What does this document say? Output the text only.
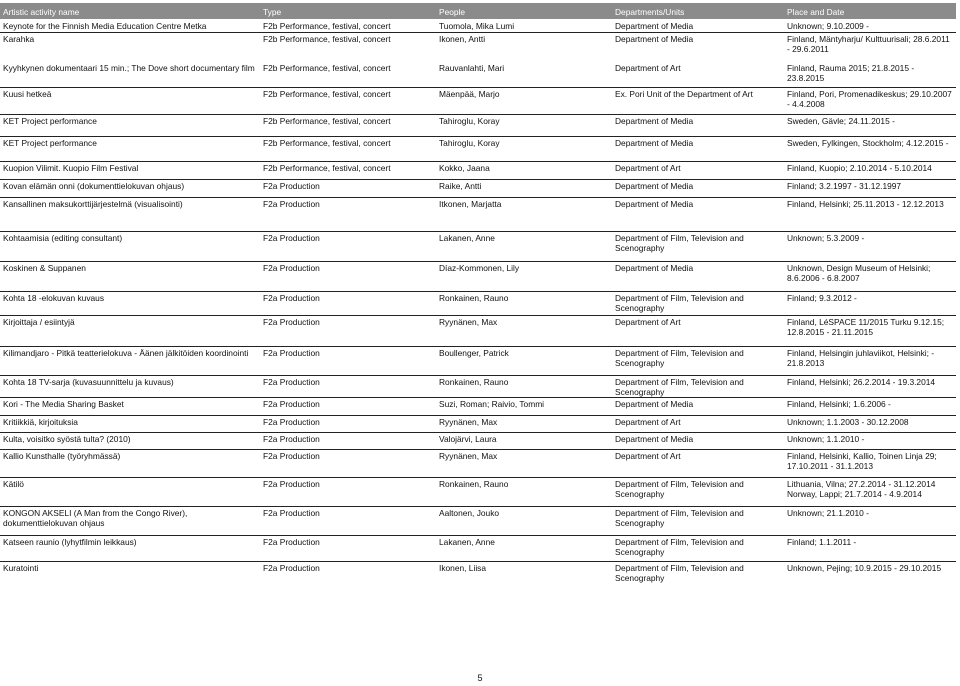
Artistic activity name	Type	People	Departments/Units	Place and Date
Keynote for the Finnish Media Education Centre Metka	F2b Performance, festival, concert	Tuomola, Mika Lumi	Department of Media	Unknown; 9.10.2009 -
Karahka	F2b Performance, festival, concert	Ikonen, Antti	Department of Media	Finland, Mäntyharju/ Kulttuurisali; 28.6.2011 - 29.6.2011
Kyyhkynen dokumentaari 15 min.; The Dove short documentary film	F2b Performance, festival, concert	Rauvanlahti, Mari	Department of Art	Finland, Rauma 2015; 21.8.2015 - 23.8.2015
Kuusi hetkeä	F2b Performance, festival, concert	Mäenpää, Marjo	Ex. Pori Unit of the Department of Art	Finland, Pori, Promenadikeskus; 29.10.2007 - 4.4.2008
KET Project performance	F2b Performance, festival, concert	Tahiroglu, Koray	Department of Media	Sweden, Gävle; 24.11.2015 -
KET Project performance	F2b Performance, festival, concert	Tahiroglu, Koray	Department of Media	Sweden, Fylkingen, Stockholm; 4.12.2015 -
Kuopion Vilimit. Kuopio Film Festival	F2b Performance, festival, concert	Kokko, Jaana	Department of Art	Finland, Kuopio; 2.10.2014 - 5.10.2014
Kovan elämän onni (dokumenttielokuvan ohjaus)	F2a Production	Raike, Antti	Department of Media	Finland; 3.2.1997 - 31.12.1997
Kansallinen maksukorttijärjestelmä (visualisointi)	F2a Production	Itkonen, Marjatta	Department of Media	Finland, Helsinki; 25.11.2013 - 12.12.2013
Kohtaamisia (editing consultant)	F2a Production	Lakanen, Anne	Department of Film, Television and Scenography	Unknown; 5.3.2009 -
Koskinen & Suppanen	F2a Production	Díaz-Kommonen, Lily	Department of Media	Unknown, Design Museum of Helsinki; 8.6.2006 - 6.8.2007
Kohta 18 -elokuvan kuvaus	F2a Production	Ronkainen, Rauno	Department of Film, Television and Scenography	Finland; 9.3.2012 -
Kirjoittaja / esiintyjä	F2a Production	Ryynänen, Max	Department of Art	Finland, LéSPACE 11/2015 Turku 9.12.15; 12.8.2015 - 21.11.2015
Kilimandjaro - Pitkä teatterielokuva - Äänen jälkitöiden koordinointi	F2a Production	Boullenger, Patrick	Department of Film, Television and Scenography	Finland, Helsingin juhlaviikot, Helsinki; - 21.8.2013
Kohta 18 TV-sarja (kuvasuunnittelu ja kuvaus)	F2a Production	Ronkainen, Rauno	Department of Film, Television and Scenography	Finland, Helsinki; 26.2.2014 - 19.3.2014
Kori - The Media Sharing Basket	F2a Production	Suzi, Roman; Raivio, Tommi	Department of Media	Finland, Helsinki; 1.6.2006 -
Kritiikkiä, kirjoituksia	F2a Production	Ryynänen, Max	Department of Art	Unknown; 1.1.2003 - 30.12.2008
Kulta, voisitko syöstä tulta? (2010)	F2a Production	Valojärvi, Laura	Department of Media	Unknown; 1.1.2010 -
Kallio Kunsthalle (työryhmässä)	F2a Production	Ryynänen, Max	Department of Art	Finland, Helsinki, Kallio, Toinen Linja 29; 17.10.2011 - 31.1.2013
Kätilö	F2a Production	Ronkainen, Rauno	Department of Film, Television and Scenography	Lithuania, Vilna; 27.2.2014 - 31.12.2014 Norway, Lappi; 21.7.2014 - 4.9.2014
KONGON AKSELI (A Man from the Congo River), dokumenttielokuvan ohjaus	F2a Production	Aaltonen, Jouko	Department of Film, Television and Scenography	Unknown; 21.1.2010 -
Katseen raunio (lyhytfilmin leikkaus)	F2a Production	Lakanen, Anne	Department of Film, Television and Scenography	Finland; 1.1.2011 -
Kuratointi	F2a Production	Ikonen, Liisa	Department of Film, Television and Scenography	Unknown, Pejing; 10.9.2015 - 29.10.2015
5
